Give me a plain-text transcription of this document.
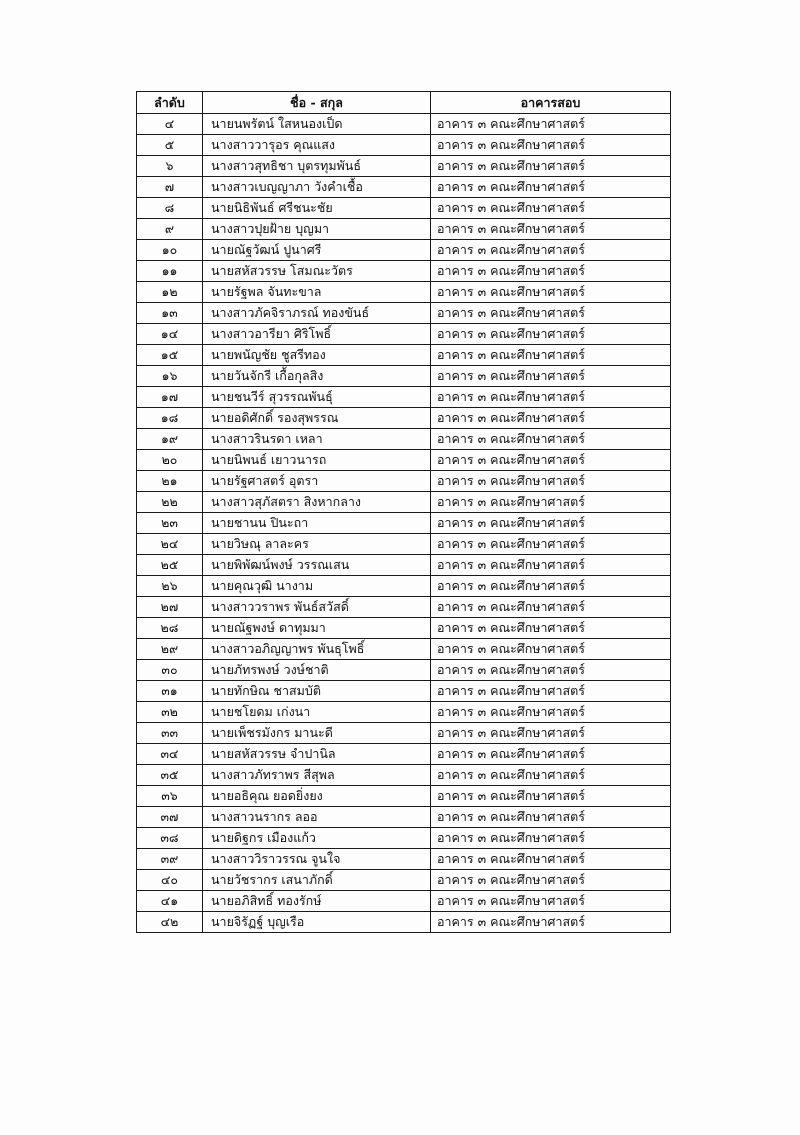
ลำดับ	ชื่อ - สกุล	อาคารสอบ
๔	นายนพรัตน์ ใสหนองเป็ด	อาคาร ๓ คณะศึกษาศาสตร์
๕	นางสาววารุอร คุณแสง	อาคาร ๓ คณะศึกษาศาสตร์
๖	นางสาวสุทธิชา บุตรทุมพันธ์	อาคาร ๓ คณะศึกษาศาสตร์
๗	นางสาวเบญญาภา วังคำเชื้อ	อาคาร ๓ คณะศึกษาศาสตร์
๘	นายนิธิพันธ์ ศรีชนะชัย	อาคาร ๓ คณะศึกษาศาสตร์
๙	นางสาวปุยฝ้าย บุญมา	อาคาร ๓ คณะศึกษาศาสตร์
๑๐	นายณัฐวัฒน์ ปูนาศรี	อาคาร ๓ คณะศึกษาศาสตร์
๑๑	นายสหัสวรรษ โสมณะวัตร	อาคาร ๓ คณะศึกษาศาสตร์
๑๒	นายรัฐพล จันทะขาล	อาคาร ๓ คณะศึกษาศาสตร์
๑๓	นางสาวภัคจิราภรณ์ ทองขันธ์	อาคาร ๓ คณะศึกษาศาสตร์
๑๔	นางสาวอารียา ศิริโพธิ์	อาคาร ๓ คณะศึกษาศาสตร์
๑๕	นายพนัญชัย ชูสรีทอง	อาคาร ๓ คณะศึกษาศาสตร์
๑๖	นายวันจักรี เกื้อกุลสิง	อาคาร ๓ คณะศึกษาศาสตร์
๑๗	นายชนวีร์ สุวรรณพันธุ์	อาคาร ๓ คณะศึกษาศาสตร์
๑๘	นายอดิศักดิ์ รองสุพรรณ	อาคาร ๓ คณะศึกษาศาสตร์
๑๙	นางสาวรินรดา เหลา	อาคาร ๓ คณะศึกษาศาสตร์
๒๐	นายนิพนธ์ เยาวนารถ	อาคาร ๓ คณะศึกษาศาสตร์
๒๑	นายรัฐศาสตร์ อุตรา	อาคาร ๓ คณะศึกษาศาสตร์
๒๒	นางสาวสุภัสตรา สิงหากลาง	อาคาร ๓ คณะศึกษาศาสตร์
๒๓	นายชานน ปินะถา	อาคาร ๓ คณะศึกษาศาสตร์
๒๔	นายวิษณุ ลาละคร	อาคาร ๓ คณะศึกษาศาสตร์
๒๕	นายพิพัฒน์พงษ์ วรรณเสน	อาคาร ๓ คณะศึกษาศาสตร์
๒๖	นายคุณวุฒิ นางาม	อาคาร ๓ คณะศึกษาศาสตร์
๒๗	นางสาววราพร พันธ์สวัสดิ์	อาคาร ๓ คณะศึกษาศาสตร์
๒๘	นายณัฐพงษ์ ดาทุมมา	อาคาร ๓ คณะศึกษาศาสตร์
๒๙	นางสาวอภิญญาพร พันธุโพธิ์	อาคาร ๓ คณะศึกษาศาสตร์
๓๐	นายภัทรพงษ์ วงษ์ชาติ	อาคาร ๓ คณะศึกษาศาสตร์
๓๑	นายทักษิณ ชาสมบัติ	อาคาร ๓ คณะศึกษาศาสตร์
๓๒	นายชโยดม เก่งนา	อาคาร ๓ คณะศึกษาศาสตร์
๓๓	นายเพ็ชรมังกร มานะดี	อาคาร ๓ คณะศึกษาศาสตร์
๓๔	นายสหัสวรรษ จำปานิล	อาคาร ๓ คณะศึกษาศาสตร์
๓๕	นางสาวภัทราพร สีสุพล	อาคาร ๓ คณะศึกษาศาสตร์
๓๖	นายอธิคุณ ยอดยิ่งยง	อาคาร ๓ คณะศึกษาศาสตร์
๓๗	นางสาวนรากร ลออ	อาคาร ๓ คณะศึกษาศาสตร์
๓๘	นายดิฐกร เมืองแก้ว	อาคาร ๓ คณะศึกษาศาสตร์
๓๙	นางสาววิราวรรณ จูนใจ	อาคาร ๓ คณะศึกษาศาสตร์
๔๐	นายวัชรากร เสนาภักดิ์	อาคาร ๓ คณะศึกษาศาสตร์
๔๑	นายอภิสิทธิ์ ทองรักษ์	อาคาร ๓ คณะศึกษาศาสตร์
๔๒	นายจิรัฏฐ์ บุญเรือ	อาคาร ๓ คณะศึกษาศาสตร์
